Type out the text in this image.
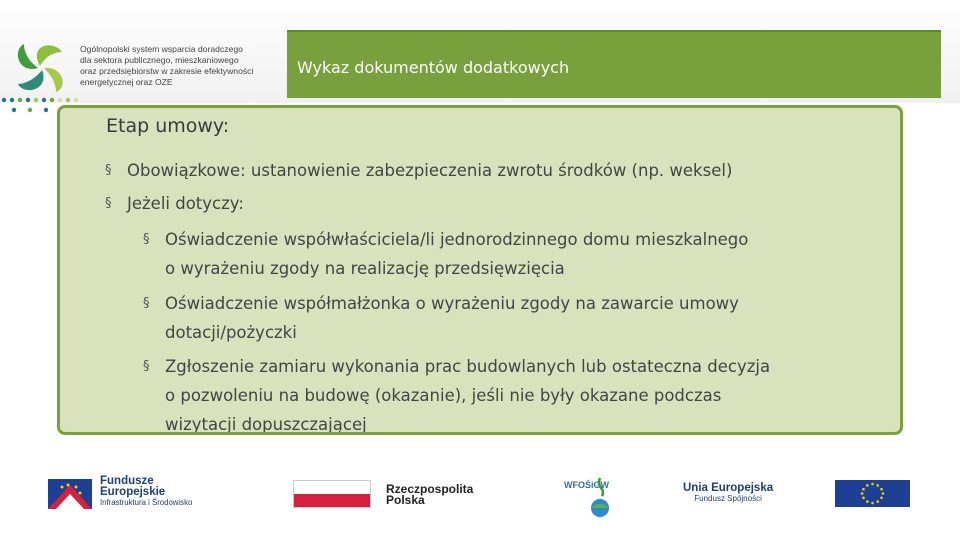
Ogólnopolski system wsparcia doradczego
dla sektora publicznego, mieszkaniowego
oraz przedsiębiorstw w zakresie efektywności
energetycznej oraz OZE
Wykaz dokumentów dodatkowych
Etap umowy:
§ Obowiązkowe: ustanowienie zabezpieczenia zwrotu środków (np. weksel)
§ Jeżeli dotyczy:
§ Oświadczenie współwłaściciela/li jednorodzinnego domu mieszkalnego
o wyrażeniu zgody na realizację przedsięwzięcia
§ Oświadczenie współmałżonka o wyrażeniu zgody na zawarcie umowy
dotacji/pożyczki
§ Zgłoszenie zamiaru wykonania prac budowlanych lub ostateczna decyzja
o pozwoleniu na budowę (okazanie), jeśli nie były okazane podczas
wizytacji dopuszczającej
Fundusze
Europejskie
Infrastruktura i Środowisko
Rzeczpospolita
Polska
WFOŚiGW	Unia Europejska
Fundusz Spójności
